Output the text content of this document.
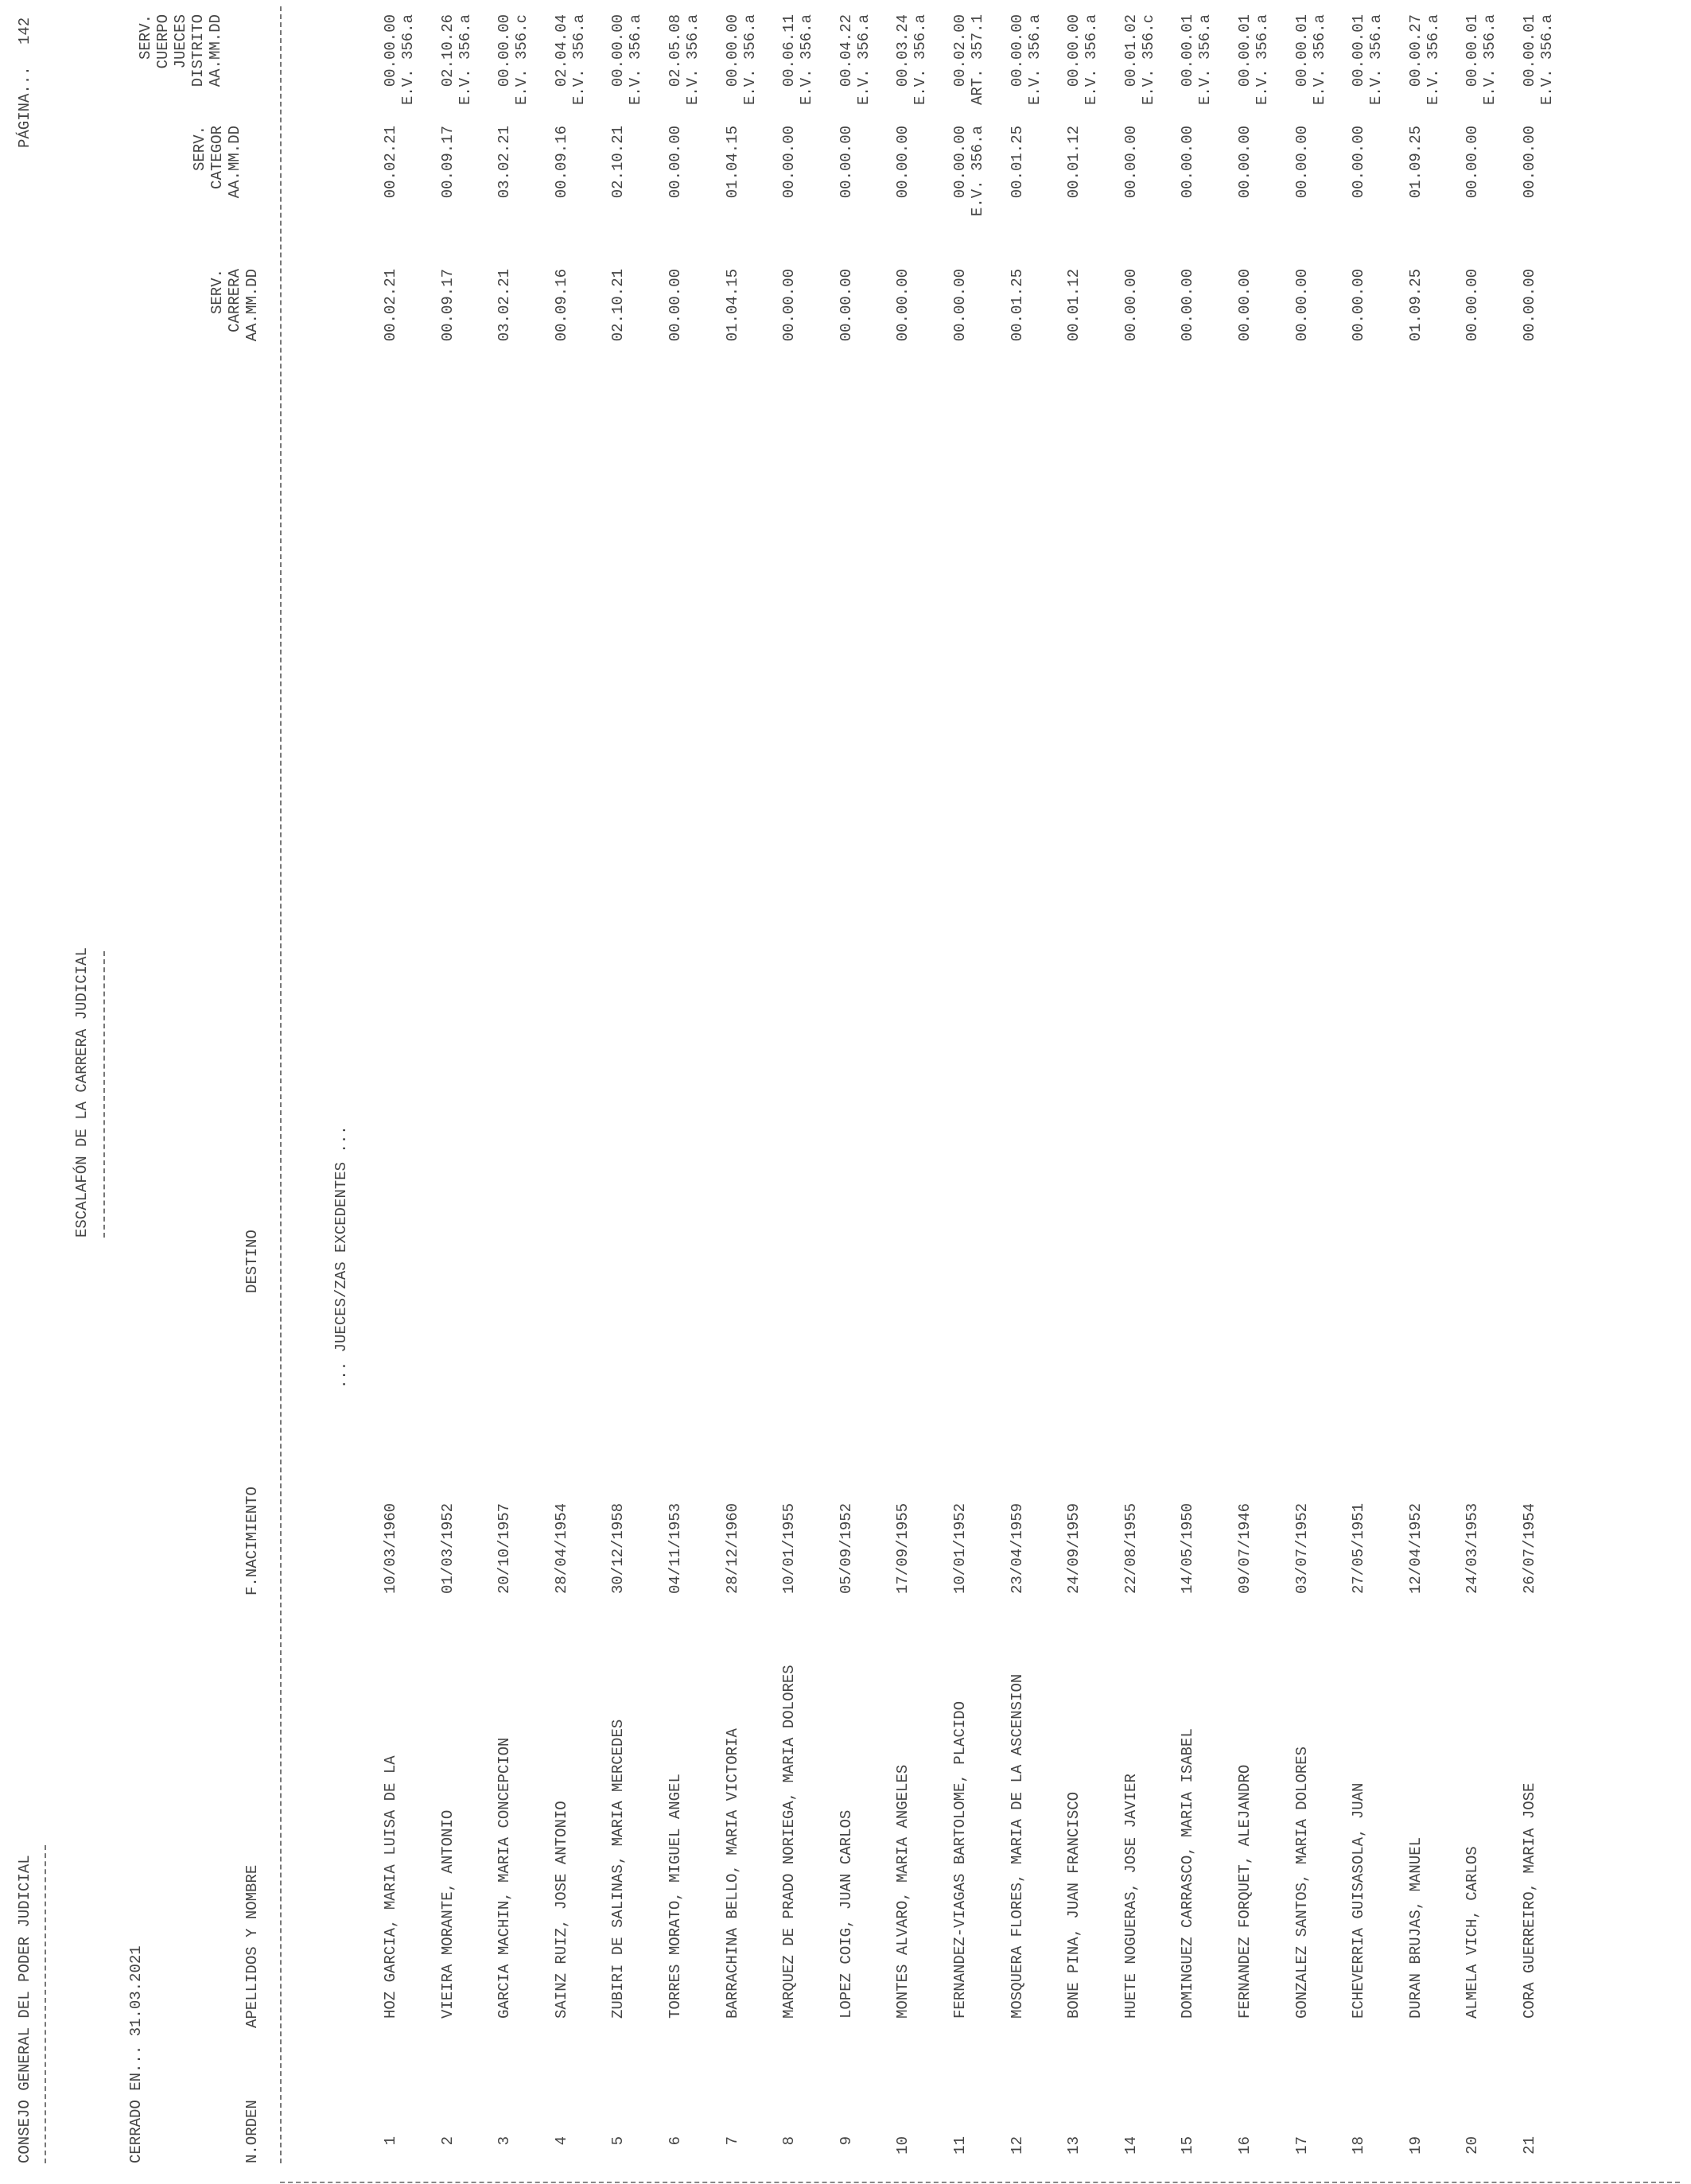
CONSEJO GENERAL DEL PODER JUDICIAL
ESCALAFÓN DE LA CARRERA JUDICIAL
PÁGINA...
142
CERRADO EN... 31.03.2021	N.ORDEN
APELLIDOS Y NOMBRE
F.NACIMIENTO
DESTINO
SERV. CARRERA AA.MM.DD
SERV. CATEGOR AA.MM.DD
SERV. CUERPO JUECES DISTRITO AA.MM.DD
... JUECES/ZAS EXCEDENTES ...
1
HOZ GARCIA, MARIA LUISA DE LA
10/03/1960
00.02.21
00.02.21
00.00.00 E.V. 356.a
2
VIEIRA MORANTE, ANTONIO
01/03/1952
00.09.17
00.09.17
02.10.26 E.V. 356.a
3
GARCIA MACHIN, MARIA CONCEPCION
20/10/1957
03.02.21
03.02.21
00.00.00 E.V. 356.c
4
SAINZ RUIZ, JOSE ANTONIO
28/04/1954
00.09.16
00.09.16
02.04.04 E.V. 356.a
5
ZUBIRI DE SALINAS, MARIA MERCEDES
30/12/1958
02.10.21
02.10.21
00.00.00 E.V. 356.a
6
TORRES MORATO, MIGUEL ANGEL
04/11/1953
00.00.00
00.00.00
02.05.08 E.V. 356.a
7
BARRACHINA BELLO, MARIA VICTORIA
28/12/1960
01.04.15
01.04.15
00.00.00 E.V. 356.a
8
MARQUEZ DE PRADO NORIEGA, MARIA DOLORES
10/01/1955
00.00.00
00.00.00
00.06.11 E.V. 356.a
9
LOPEZ COIG, JUAN CARLOS
05/09/1952
00.00.00
00.00.00
00.04.22 E.V. 356.a
10
MONTES ALVARO, MARIA ANGELES
17/09/1955
00.00.00
00.00.00
00.03.24 E.V. 356.a
11
FERNANDEZ-VIAGAS BARTOLOME, PLACIDO
10/01/1952
00.00.00
00.00.00
00.02.00
E.V. 356.a
ART. 357.1
12
MOSQUERA FLORES, MARIA DE LA ASCENSION
23/04/1959
00.01.25
00.01.25
00.00.00 E.V. 356.a
13
BONE PINA, JUAN FRANCISCO
24/09/1959
00.01.12
00.01.12
00.00.00 E.V. 356.a
14
HUETE NOGUERAS, JOSE JAVIER
22/08/1955
00.00.00
00.00.00
00.01.02 E.V. 356.c
15
DOMINGUEZ CARRASCO, MARIA ISABEL
14/05/1950
00.00.00
00.00.00
00.00.01 E.V. 356.a
16
FERNANDEZ FORQUET, ALEJANDRO
09/07/1946
00.00.00
00.00.00
00.00.01 E.V. 356.a
17
GONZALEZ SANTOS, MARIA DOLORES
03/07/1952
00.00.00
00.00.00
00.00.01 E.V. 356.a
18
ECHEVERRIA GUISASOLA, JUAN
27/05/1951
00.00.00
00.00.00
00.00.01 E.V. 356.a
19
DURAN BRUJAS, MANUEL
12/04/1952
01.09.25
01.09.25
00.00.27 E.V. 356.a
20
ALMELA VICH, CARLOS
24/03/1953
00.00.00
00.00.00
00.00.01 E.V. 356.a
21
CORA GUERREIRO, MARIA JOSE
26/07/1954
00.00.00
00.00.00
00.00.01 E.V. 356.a
